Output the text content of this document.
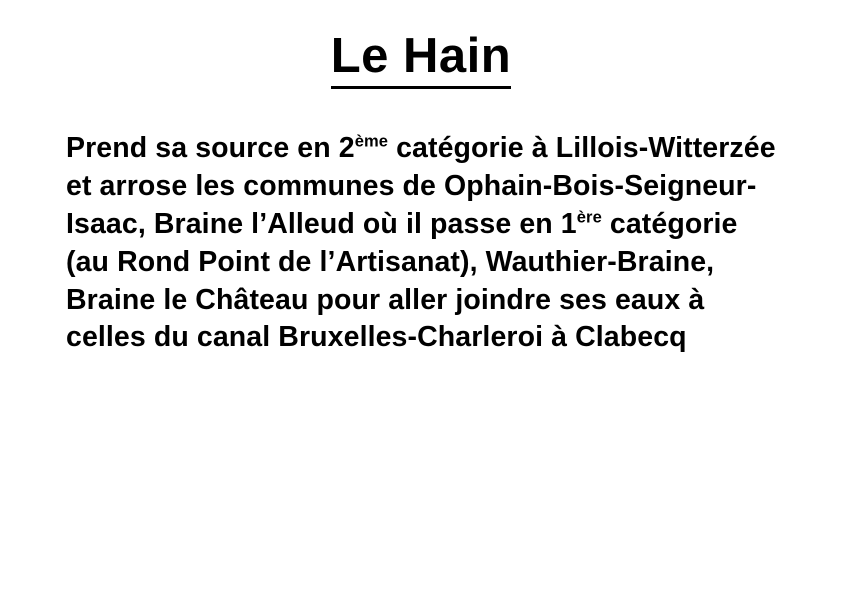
Le Hain
Prend sa source en 2ème catégorie à Lillois-Witterzée et arrose les communes de Ophain-Bois-Seigneur-Isaac, Braine l’Alleud où il passe en 1ère catégorie (au Rond Point de l’Artisanat), Wauthier-Braine, Braine le Château pour aller joindre ses eaux à celles du canal Bruxelles-Charleroi à Clabecq
